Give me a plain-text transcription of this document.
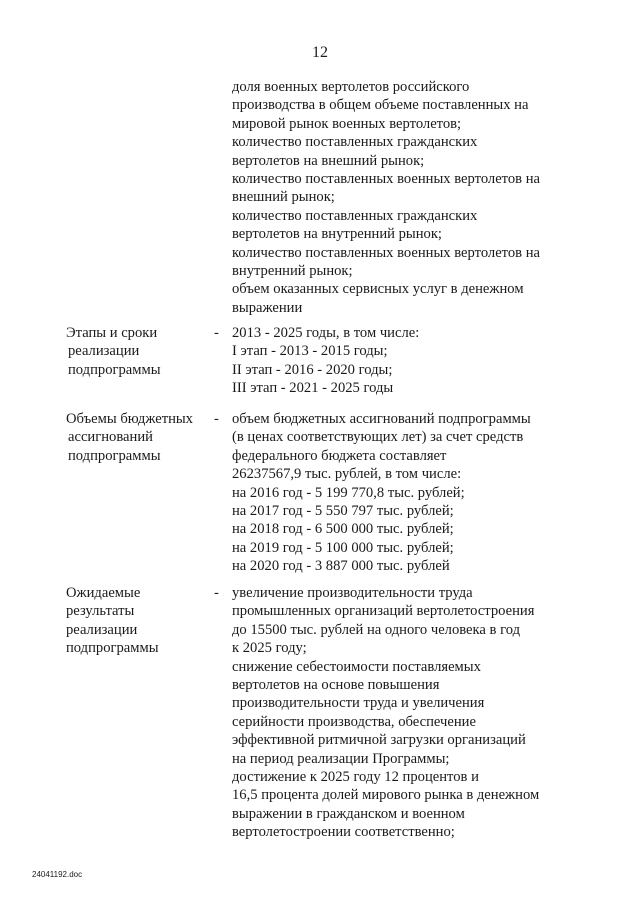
12
доля военных вертолетов российского
производства в общем объеме поставленных на
мировой рынок военных вертолетов;
количество поставленных гражданских
вертолетов на внешний рынок;
количество поставленных военных вертолетов на
внешний рынок;
количество поставленных гражданских
вертолетов на внутренний рынок;
количество поставленных военных вертолетов на
внутренний рынок;
объем оказанных сервисных услуг в денежном
выражении
Этапы и сроки
реализации
подпрограммы
- 2013 - 2025 годы, в том числе:
I этап - 2013 - 2015 годы;
II этап - 2016 - 2020 годы;
III этап - 2021 - 2025 годы
Объемы бюджетных
ассигнований
подпрограммы
- объем бюджетных ассигнований подпрограммы
(в ценах соответствующих лет) за счет средств
федерального бюджета составляет
26237567,9 тыс. рублей, в том числе:
на 2016 год - 5 199 770,8 тыс. рублей;
на 2017 год - 5 550 797 тыс. рублей;
на 2018 год - 6 500 000 тыс. рублей;
на 2019 год - 5 100 000 тыс. рублей;
на 2020 год - 3 887 000 тыс. рублей
Ожидаемые
результаты
реализации
подпрограммы
- увеличение производительности труда
промышленных организаций вертолетостроения
до 15500 тыс. рублей на одного человека в год
к 2025 году;
снижение себестоимости поставляемых
вертолетов на основе повышения
производительности труда и увеличения
серийности производства, обеспечение
эффективной ритмичной загрузки организаций
на период реализации Программы;
достижение к 2025 году 12 процентов и
16,5 процента долей мирового рынка в денежном
выражении в гражданском и военном
вертолетостроении соответственно;
24041192.doc
